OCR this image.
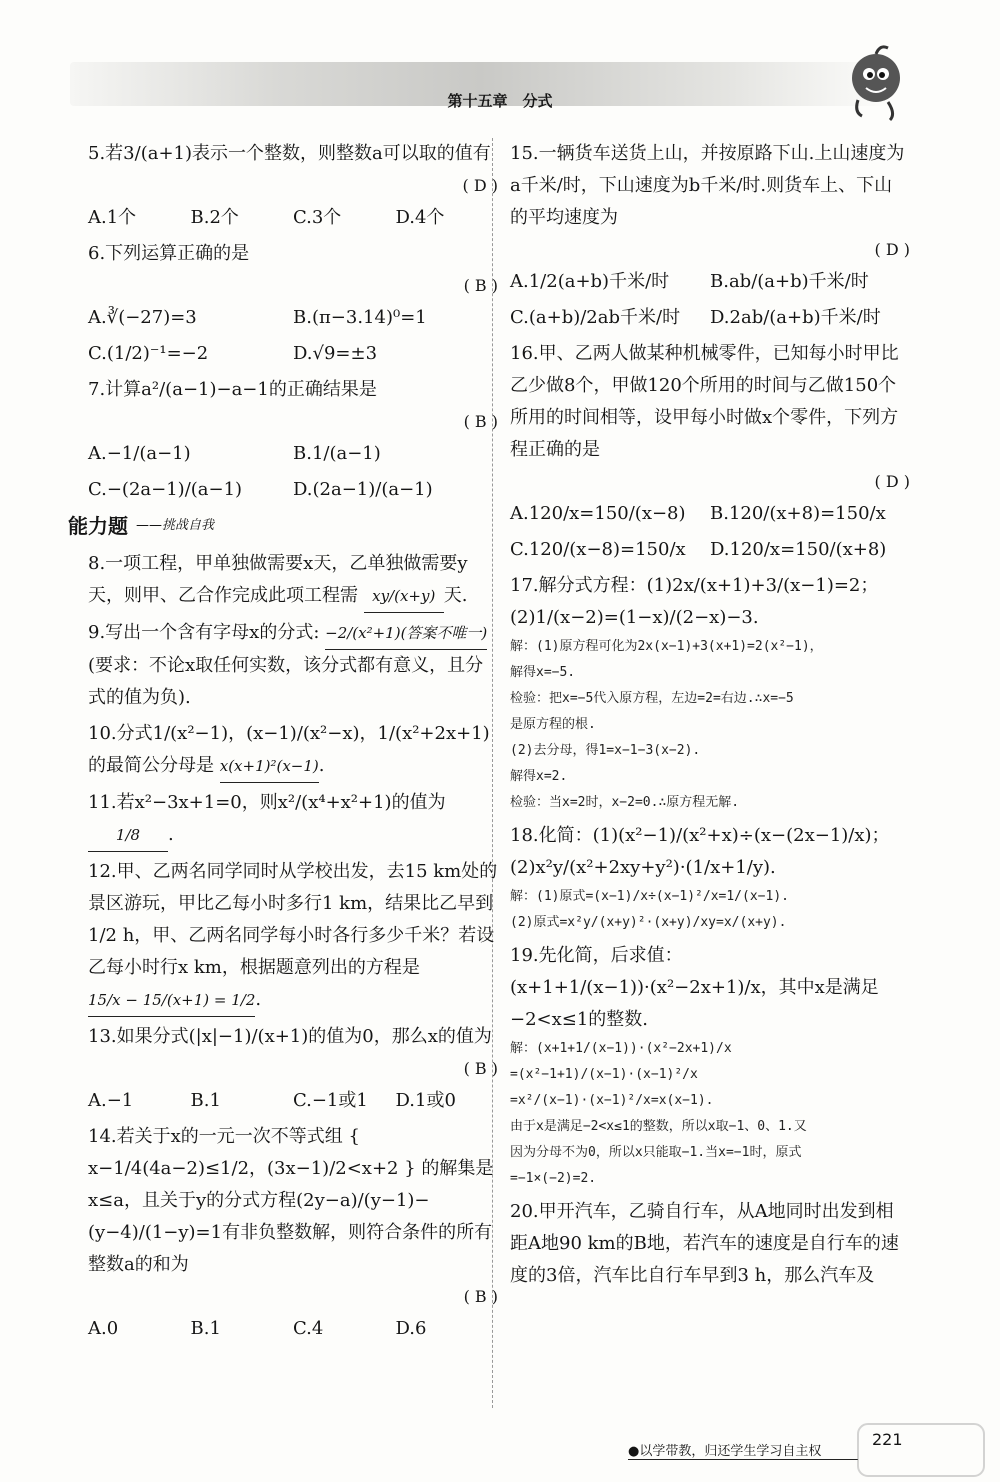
第十五章　分式
5.若3/(a+1)表示一个整数，则整数a可以取的值有
( D )
A.1个	B.2个	C.3个	D.4个
6.下列运算正确的是
( B )
A.∛(−27)=3	B.(π−3.14)⁰=1
C.(1/2)⁻¹=−2	D.√9=±3
7.计算a²/(a−1)−a−1的正确结果是
( B )
A.−1/(a−1)	B.1/(a−1)
C.−(2a−1)/(a−1)	D.(2a−1)/(a−1)
能力题 ——挑战自我
8.一项工程，甲单独做需要x天，乙单独做需要y天，则甲、乙合作完成此项工程需 xy/(x+y) 天.
9.写出一个含有字母x的分式: −2/(x²+1)(答案不唯一)(要求：不论x取任何实数，该分式都有意义，且分式的值为负).
10.分式1/(x²−1)，(x−1)/(x²−x)，1/(x²+2x+1)的最简公分母是 x(x+1)²(x−1).
11.若x²−3x+1=0，则x²/(x⁴+x²+1)的值为 1/8 .
12.甲、乙两名同学同时从学校出发，去15 km处的景区游玩，甲比乙每小时多行1 km，结果比乙早到1/2 h，甲、乙两名同学每小时各行多少千米？若设乙每小时行x km，根据题意列出的方程是 15/x − 15/(x+1) = 1/2.
13.如果分式(|x|−1)/(x+1)的值为0，那么x的值为
( B )
A.−1	B.1	C.−1或1	D.1或0
14.若关于x的一元一次不等式组 { x−1/4(4a−2)≤1/2，(3x−1)/2<x+2 } 的解集是x≤a，且关于y的分式方程(2y−a)/(y−1)−(y−4)/(1−y)=1有非负整数解，则符合条件的所有整数a的和为
( B )
A.0	B.1	C.4	D.6
15.一辆货车送货上山，并按原路下山.上山速度为a千米/时，下山速度为b千米/时.则货车上、下山的平均速度为
( D )
A.1/2(a+b)千米/时	B.ab/(a+b)千米/时
C.(a+b)/2ab千米/时	D.2ab/(a+b)千米/时
16.甲、乙两人做某种机械零件，已知每小时甲比乙少做8个，甲做120个所用的时间与乙做150个所用的时间相等，设甲每小时做x个零件，下列方程正确的是
( D )
A.120/x=150/(x−8)	B.120/(x+8)=150/x
C.120/(x−8)=150/x	D.120/x=150/(x+8)
17.解分式方程：(1)2x/(x+1)+3/(x−1)=2；(2)1/(x−2)=(1−x)/(2−x)−3.
解：(1)原方程可化为2x(x−1)+3(x+1)=2(x²−1)，
解得x=−5.
检验：把x=−5代入原方程，左边=2=右边.∴x=−5
是原方程的根.
(2)去分母，得1=x−1−3(x−2).
解得x=2.
检验：当x=2时，x−2=0.∴原方程无解.
18.化简：(1)(x²−1)/(x²+x)÷(x−(2x−1)/x)；(2)x²y/(x²+2xy+y²)·(1/x+1/y).
解：(1)原式=(x−1)/x÷(x−1)²/x=1/(x−1).
(2)原式=x²y/(x+y)²·(x+y)/xy=x/(x+y).
19.先化简，后求值：(x+1+1/(x−1))·(x²−2x+1)/x，其中x是满足−2<x≤1的整数.
解：(x+1+1/(x−1))·(x²−2x+1)/x
=(x²−1+1)/(x−1)·(x−1)²/x
=x²/(x−1)·(x−1)²/x=x(x−1).
由于x是满足−2<x≤1的整数，所以x取−1、0、1.又
因为分母不为0，所以x只能取−1.当x=−1时，原式
=−1×(−2)=2.
20.甲开汽车，乙骑自行车，从A地同时出发到相距A地90 km的B地，若汽车的速度是自行车的速度的3倍，汽车比自行车早到3 h，那么汽车及
●以学带教，归还学生学习自主权
221
